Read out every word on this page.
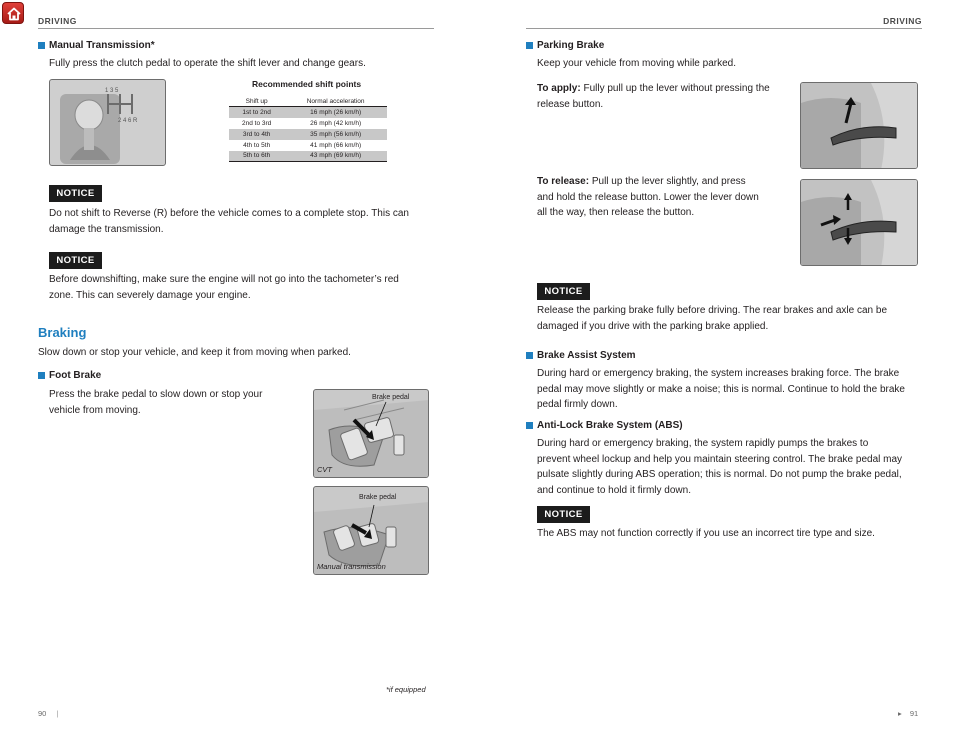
DRIVING	DRIVING
Manual Transmission*
Fully press the clutch pedal to operate the shift lever and change gears.
1 3 5
2 4 6 R
Recommended shift points
Shift up	Normal acceleration
1st to 2nd	16 mph (26 km/h)
2nd to 3rd	26 mph (42 km/h)
3rd to 4th	35 mph (56 km/h)
4th to 5th	41 mph (66 km/h)
5th to 6th	43 mph (69 km/h)
NOTICE
Do not shift to Reverse (R) before the vehicle comes to a complete stop. This can
damage the transmission.
NOTICE
Before downshifting, make sure the engine will not go into the tachometer’s red
zone. This can severely damage your engine.
Braking
Slow down or stop your vehicle, and keep it from moving when parked.
Foot Brake
Press the brake pedal to slow down or stop your
vehicle from moving.
Brake pedal
CVT
Brake pedal
Manual transmission
*if equipped
90 |
Parking Brake
Keep your vehicle from moving while parked.
To apply: Fully pull up the lever without pressing the
release button.
To release: Pull up the lever slightly, and press
and hold the release button. Lower the lever down
all the way, then release the button.
NOTICE
Release the parking brake fully before driving. The rear brakes and axle can be
damaged if you drive with the parking brake applied.
Brake Assist System
During hard or emergency braking, the system increases braking force. The brake
pedal may move slightly or make a noise; this is normal. Continue to hold the brake
pedal firmly down.
Anti-Lock Brake System (ABS)
During hard or emergency braking, the system rapidly pumps the brakes to
prevent wheel lockup and help you maintain steering control. The brake pedal may
pulsate slightly during ABS operation; this is normal. Do not pump the brake pedal,
and continue to hold it firmly down.
NOTICE
The ABS may not function correctly if you use an incorrect tire type and size.
▸ 91
